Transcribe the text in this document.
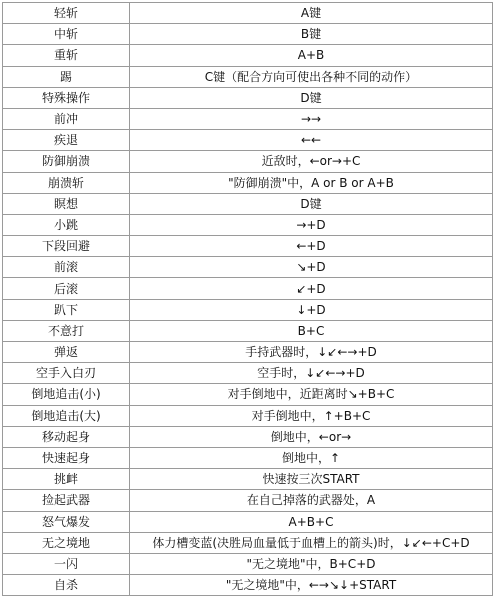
轻斩	A键
中斩	B键
重斩	A+B
踢	C键（配合方向可使出各种不同的动作）
特殊操作	D键
前冲	→→
疾退	←←
防御崩溃	近敌时，←or→+C
崩溃斩	"防御崩溃"中，A or B or A+B
瞑想	D键
小跳	→+D
下段回避	←+D
前滚	↘+D
后滚	↙+D
趴下	↓+D
不意打	B+C
弹返	手持武器时，↓↙←→+D
空手入白刃	空手时，↓↙←→+D
倒地追击(小)	对手倒地中，近距离时↘+B+C
倒地追击(大)	对手倒地中，↑+B+C
移动起身	倒地中，←or→
快速起身	倒地中，↑
挑衅	快速按三次START
捡起武器	在自己掉落的武器处，A
怒气爆发	A+B+C
无之境地	体力槽变蓝(决胜局血量低于血槽上的箭头)时，↓↙←+C+D
一闪	"无之境地"中，B+C+D
自杀	"无之境地"中，←→↘↓+START
